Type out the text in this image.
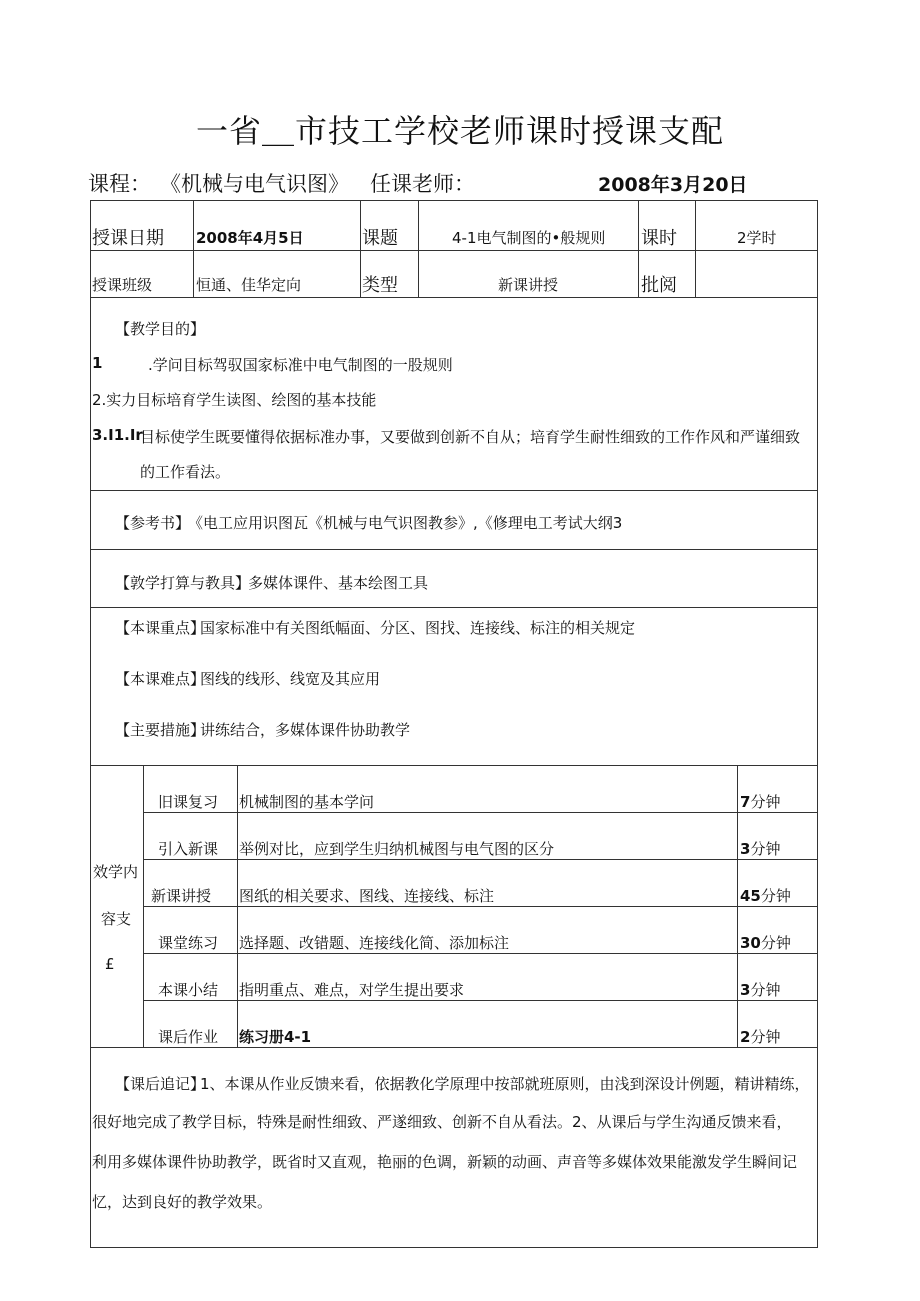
一省＿市技工学校老师课时授课支配
课程： 《机械与电气识图》 任课老师：	2008年3月20日
授课日期 2008年4月5日	课题	4-1电气制图的•般规则 课时	2学时
授课班级	恒通、佳华定向	类型	新课讲授	批阅
【教学目的】
1	.学问目标驾驭国家标准中电气制图的一股规则
2.实力目标培育学生读图、绘图的基本技能
3.I1.Ir
目标使学生既要懂得依据标准办事，又要做到创新不自从；培育学生耐性细致的工作作风和严谨细致
的工作看法。
【参考书】
《电工应用识图瓦《机械与电气识图教参》,《修理电工考试大纲3
【敦学打算与教具】
多媒体课件、基本绘图工具
【本课重点】
国家标准中有关图纸幅面、分区、图找、连接线、标注的相关规定
【本课难点】
图线的线形、线宽及其应用
【主要措施】
讲练结合，多媒体课件协助教学
效学内
容支
£
旧课复习 机械制图的基本学问	7分钟
引入新课 举例对比，应到学生归纳机械图与电气图的区分	3分钟
新课讲授 图纸的相关要求、图线、连接线、标注	45分钟
课堂练习 选择题、改错题、连接线化简、添加标注	30分钟
本课小结 指明重点、难点，对学生提出要求	3分钟
课后作业 练习册4-1	2分钟
【课后追记】
1、本课从作业反馈来看，依据教化学原理中按部就班原则，由浅到深设计例题，精讲精练，
很好地完成了教学目标，特殊是耐性细致、严遂细致、创新不自从看法。2、从课后与学生沟通反馈来看，
利用多媒体课件协助教学，既省时又直观，艳丽的色调，新颖的动画、声音等多媒体效果能激发学生瞬间记
忆，达到良好的教学效果。
